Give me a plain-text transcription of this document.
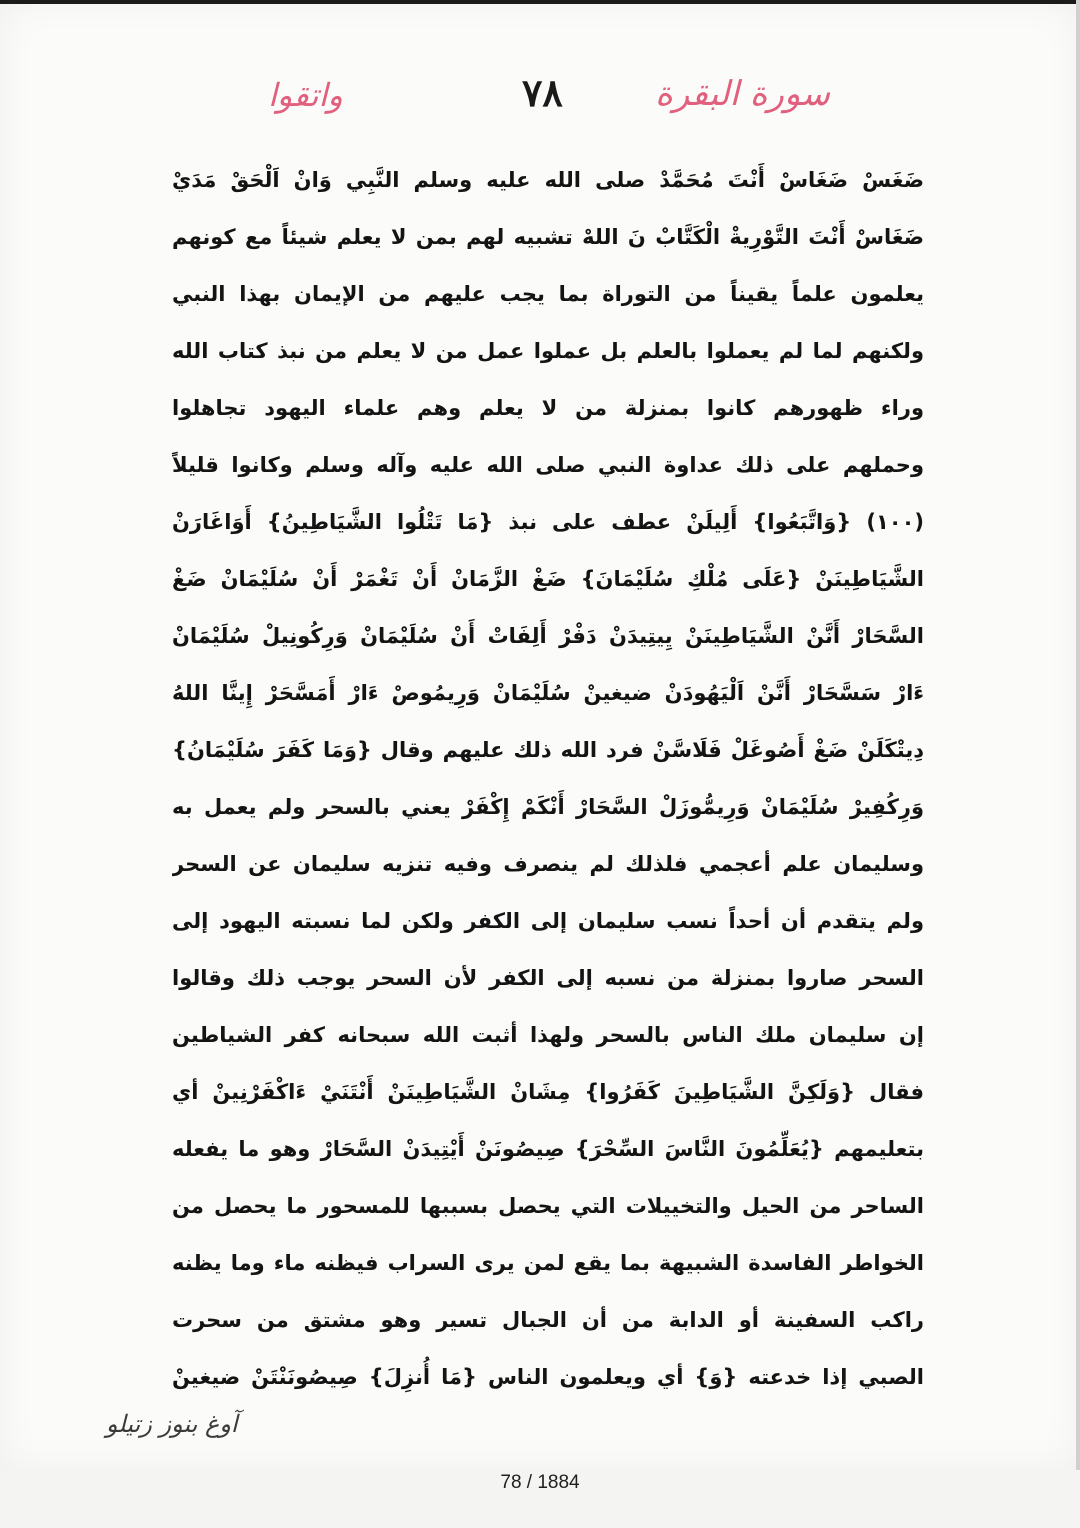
سورة البقرة
٧٨
واتقوا
ضَغَسْ ضَغَاسْ أَنْتَ مُحَمَّدْ صلى الله عليه وسلم النَّبِي وَانْ اَلْحَقْ مَدَيْ
ضَغَاسْ أَنْتَ التَّوْرِيةْ الْكَتَّابْ نَ اللهْ تشبيه لهم بمن لا يعلم شيئاً مع كونهم
يعلمون علماً يقيناً من التوراة بما يجب عليهم من الإيمان بهذا النبي
ولكنهم لما لم يعملوا بالعلم بل عملوا عمل من لا يعلم من نبذ كتاب الله
وراء ظهورهم كانوا بمنزلة من لا يعلم وهم علماء اليهود تجاهلوا
وحملهم على ذلك عداوة النبي صلى الله عليه وآله وسلم وكانوا قليلاً
(١٠٠) {وَاتَّبَعُوا} أَلِيلَنْ عطف على نبذ {مَا تَتْلُوا الشَّيَاطِينُ} أَوَاغَارَنْ
الشَّيَاطِينَنْ {عَلَى مُلْكِ سُلَيْمَانَ} ضَغْ الزَّمَانْ أَنْ تَغْمَرْ أَنْ سُلَيْمَانْ ضَغْ
السَّحَارْ أَنَّنْ الشَّيَاطِينَنْ يِيتِيدَنْ دَفْرْ أَلِفَاتْ أَنْ سُلَيْمَانْ وَرِكُونِيلْ سُلَيْمَانْ
ءَارْ سَسَّحَارْ أَنَّنْ اَلْيَهُودَنْ ضيغينْ سُلَيْمَانْ وَرِيمُوصْ ءَارْ أَمَسَّحَرْ إِينَّا اللهُ
دِيتْكَلَنْ ضَغْ أَصُوغَلْ فَلَاسَّنْ فرد الله ذلك عليهم وقال {وَمَا كَفَرَ سُلَيْمَانُ}
وَرِكُفِيرْ سُلَيْمَانْ وَرِيمُّوزَلْ السَّحَارْ أَنْكَمْ إِكْفَرْ يعني بالسحر ولم يعمل به
وسليمان علم أعجمي فلذلك لم ينصرف وفيه تنزيه سليمان عن السحر
ولم يتقدم أن أحداً نسب سليمان إلى الكفر ولكن لما نسبته اليهود إلى
السحر صاروا بمنزلة من نسبه إلى الكفر لأن السحر يوجب ذلك وقالوا
إن سليمان ملك الناس بالسحر ولهذا أثبت الله سبحانه كفر الشياطين
فقال {وَلَكِنَّ الشَّيَاطِينَ كَفَرُوا} مِشَانْ الشَّيَاطِينَنْ أَنْتَنَيْ ءَاكْفَرْنِينْ أي
بتعليمهم {يُعَلِّمُونَ النَّاسَ السِّحْرَ} صِيصُونَنْ أَيْتِيدَنْ السَّحَارْ وهو ما يفعله
الساحر من الحيل والتخييلات التي يحصل بسببها للمسحور ما يحصل من
الخواطر الفاسدة الشبيهة بما يقع لمن يرى السراب فيظنه ماء وما يظنه
راكب السفينة أو الدابة من أن الجبال تسير وهو مشتق من سحرت
الصبي إذا خدعته {وَ} أي ويعلمون الناس {مَا أُنزِلَ} صِيصُونَنْتَنْ ضيغينْ
آوغ بنوز زتيلو
78 / 1884
